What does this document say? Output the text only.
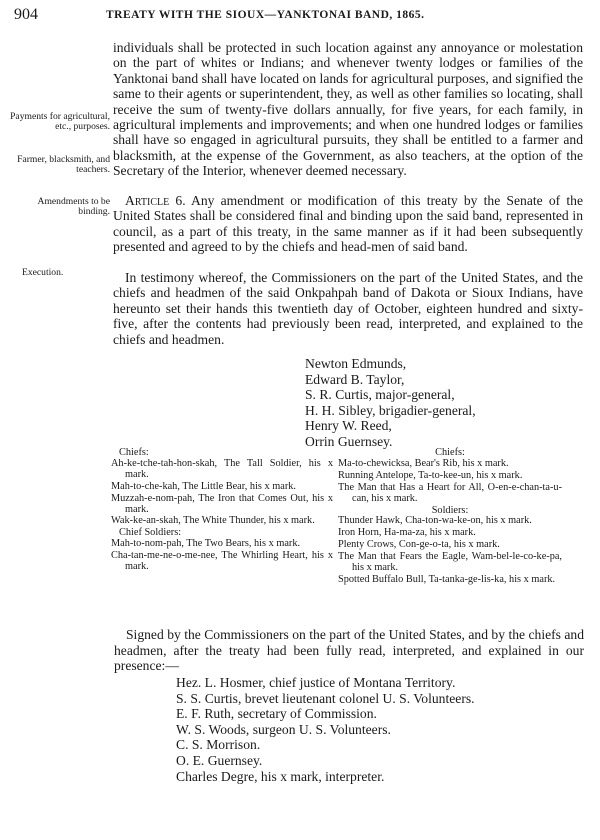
904	TREATY WITH THE SIOUX—YANKTONAI BAND, 1865.
Payments for agricultural, etc., purposes.
Farmer, blacksmith, and teachers.
Amendments to be binding.
Execution.

individuals shall be protected in such location against any annoyance or molestation on the part of whites or Indians; and whenever twenty lodges or families of the Yanktonai band shall have located on lands for agricultural purposes, and signified the same to their agents or superintendent, they, as well as other families so locating, shall receive the sum of twenty-five dollars annually, for five years, for each family, in agricultural implements and improvements; and when one hundred lodges or families shall have so engaged in agricultural pursuits, they shall be entitled to a farmer and blacksmith, at the expense of the Government, as also teachers, at the option of the Secretary of the Interior, whenever deemed necessary.

Article 6. Any amendment or modification of this treaty by the Senate of the United States shall be considered final and binding upon the said band, represented in council, as a part of this treaty, in the same manner as if it had been subsequently presented and agreed to by the chiefs and head-men of said band.

In testimony whereof, the Commissioners on the part of the United States, and the chiefs and headmen of the said Onkpahpah band of Dakota or Sioux Indians, have hereunto set their hands this twentieth day of October, eighteen hundred and sixty-five, after the contents had previously been read, interpreted, and explained to the chiefs and headmen.

Newton Edmunds,
Edward B. Taylor,
S. R. Curtis, major-general,
H. H. Sibley, brigadier-general,
Henry W. Reed,
Orrin Guernsey.
Chiefs:
Ah-ke-tche-tah-hon-skah, The Tall Soldier, his x mark.
Mah-to-che-kah, The Little Bear, his x mark.
Muzzah-e-nom-pah, The Iron that Comes Out, his x mark.
Wak-ke-an-skah, The White Thunder, his x mark.
Chief Soldiers:
Mah-to-nom-pah, The Two Bears, his x mark.
Cha-tan-me-ne-o-me-nee, The Whirling Heart, his x mark.
Chiefs:
Ma-to-chewicksa, Bear's Rib, his x mark.
Running Antelope, Ta-to-kee-un, his x mark.
The Man that Has a Heart for All, O-en-e-chan-ta-u-can, his x mark.
Soldiers:
Thunder Hawk, Cha-ton-wa-ke-on, his x mark.
Iron Horn, Ha-ma-za, his x mark.
Plenty Crows, Con-ge-o-ta, his x mark.
The Man that Fears the Eagle, Wam-bel-le-co-ke-pa, his x mark.
Spotted Buffalo Bull, Ta-tanka-ge-lis-ka, his x mark.

Signed by the Commissioners on the part of the United States, and by the chiefs and headmen, after the treaty had been fully read, interpreted, and explained in our presence:—

Hez. L. Hosmer, chief justice of Montana Territory.
S. S. Curtis, brevet lieutenant colonel U. S. Volunteers.
E. F. Ruth, secretary of Commission.
W. S. Woods, surgeon U. S. Volunteers.
C. S. Morrison.
O. E. Guernsey.
Charles Degre, his x mark, interpreter.
